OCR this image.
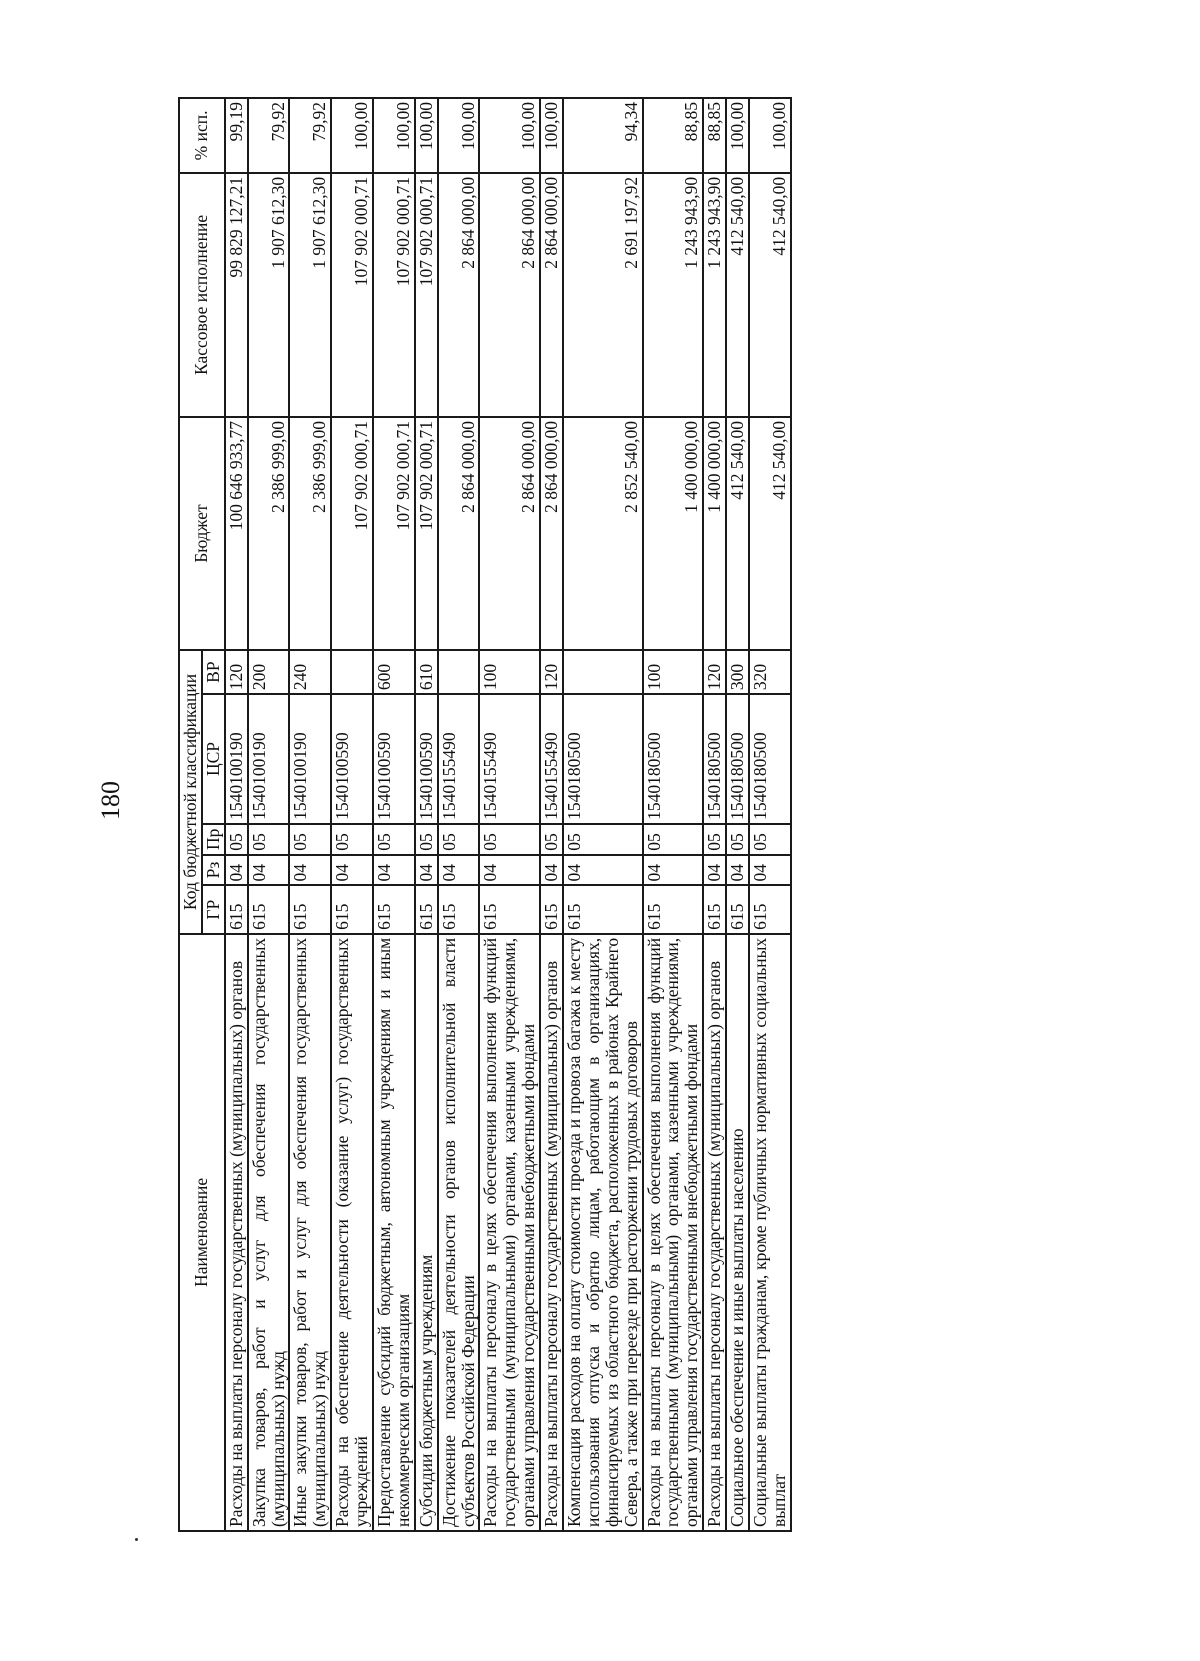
180
Наименование	Код бюджетной классификации					Бюджет	Кассовое исполнение	% исп.
	ГР	Рз	Пр	ЦСР	ВР			
Расходы на выплаты персоналу государственных (муниципальных) органов	615	04	05	1540100190	120	100 646 933,77	99 829 127,21	99,19
Закупка товаров, работ и услуг для обеспечения государственных (муниципальных) нужд	615	04	05	1540100190	200	2 386 999,00	1 907 612,30	79,92
Иные закупки товаров, работ и услуг для обеспечения государственных (муниципальных) нужд	615	04	05	1540100190	240	2 386 999,00	1 907 612,30	79,92
Расходы на обеспечение деятельности (оказание услуг) государственных учреждений	615	04	05	1540100590		107 902 000,71	107 902 000,71	100,00
Предоставление субсидий бюджетным, автономным учреждениям и иным некоммерческим организациям	615	04	05	1540100590	600	107 902 000,71	107 902 000,71	100,00
Субсидии бюджетным учреждениям	615	04	05	1540100590	610	107 902 000,71	107 902 000,71	100,00
Достижение показателей деятельности органов исполнительной власти субъектов Российской Федерации	615	04	05	1540155490		2 864 000,00	2 864 000,00	100,00
Расходы на выплаты персоналу в целях обеспечения выполнения функций государственными (муниципальными) органами, казенными учреждениями, органами управления государственными внебюджетными фондами	615	04	05	1540155490	100	2 864 000,00	2 864 000,00	100,00
Расходы на выплаты персоналу государственных (муниципальных) органов	615	04	05	1540155490	120	2 864 000,00	2 864 000,00	100,00
Компенсация расходов на оплату стоимости проезда и провоза багажа к месту использования отпуска и обратно лицам, работающим в организациях, финансируемых из областного бюджета, расположенных в районах Крайнего Севера, а также при переезде при расторжении трудовых договоров	615	04	05	1540180500		2 852 540,00	2 691 197,92	94,34
Расходы на выплаты персоналу в целях обеспечения выполнения функций государственными (муниципальными) органами, казенными учреждениями, органами управления государственными внебюджетными фондами	615	04	05	1540180500	100	1 400 000,00	1 243 943,90	88,85
Расходы на выплаты персоналу государственных (муниципальных) органов	615	04	05	1540180500	120	1 400 000,00	1 243 943,90	88,85
Социальное обеспечение и иные выплаты населению	615	04	05	1540180500	300	412 540,00	412 540,00	100,00
Социальные выплаты гражданам, кроме публичных нормативных социальных выплат	615	04	05	1540180500	320	412 540,00	412 540,00	100,00
